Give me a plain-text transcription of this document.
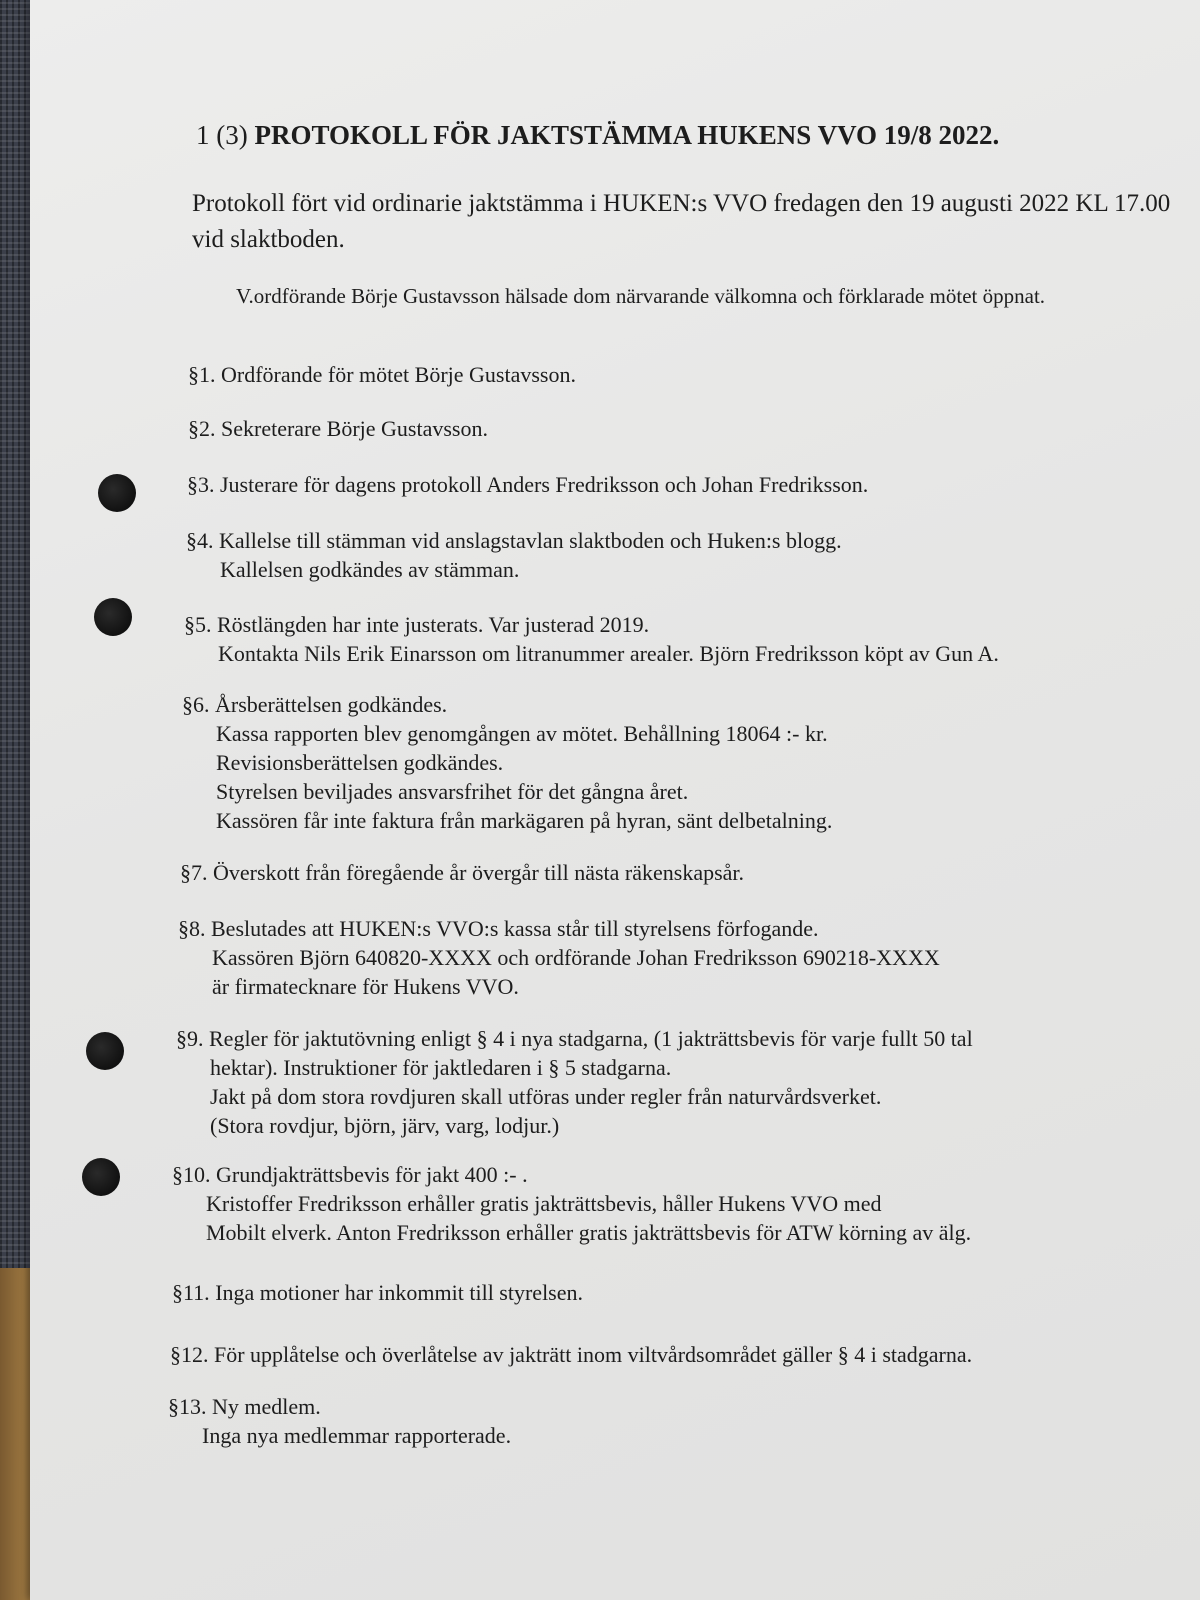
1 (3) PROTOKOLL FÖR JAKTSTÄMMA HUKENS VVO 19/8 2022.
Protokoll fört vid ordinarie jaktstämma i HUKEN:s VVO fredagen den 19 augusti 2022 KL 17.00 vid slaktboden.
V.ordförande Börje Gustavsson hälsade dom närvarande välkomna och förklarade mötet öppnat.
§1. Ordförande för mötet Börje Gustavsson.
§2. Sekreterare Börje Gustavsson.
§3. Justerare för dagens protokoll Anders Fredriksson och Johan Fredriksson.
§4. Kallelse till stämman vid anslagstavlan slaktboden och Huken:s blogg.
Kallelsen godkändes av stämman.
§5. Röstlängden har inte justerats. Var justerad 2019.
Kontakta Nils Erik Einarsson om litranummer arealer. Björn Fredriksson köpt av Gun A.
§6. Årsberättelsen godkändes.
Kassa rapporten blev genomgången av mötet. Behållning 18064 :- kr.
Revisionsberättelsen godkändes.
Styrelsen beviljades ansvarsfrihet för det gångna året.
Kassören får inte faktura från markägaren på hyran, sänt delbetalning.
§7. Överskott från föregående år övergår till nästa räkenskapsår.
§8. Beslutades att HUKEN:s VVO:s kassa står till styrelsens förfogande.
Kassören Björn 640820-XXXX och ordförande Johan Fredriksson 690218-XXXX
är firmatecknare för Hukens VVO.
§9. Regler för jaktutövning enligt § 4 i nya stadgarna, (1 jakträttsbevis för varje fullt 50 tal
hektar). Instruktioner för jaktledaren i § 5 stadgarna.
Jakt på dom stora rovdjuren skall utföras under regler från naturvårdsverket.
(Stora rovdjur, björn, järv, varg, lodjur.)
§10. Grundjakträttsbevis för jakt 400 :- .
Kristoffer Fredriksson erhåller gratis jakträttsbevis, håller Hukens VVO med
Mobilt elverk. Anton Fredriksson erhåller gratis jakträttsbevis för ATW körning av älg.
§11. Inga motioner har inkommit till styrelsen.
§12. För upplåtelse och överlåtelse av jakträtt inom viltvårdsområdet gäller § 4 i stadgarna.
§13. Ny medlem.
Inga nya medlemmar rapporterade.
